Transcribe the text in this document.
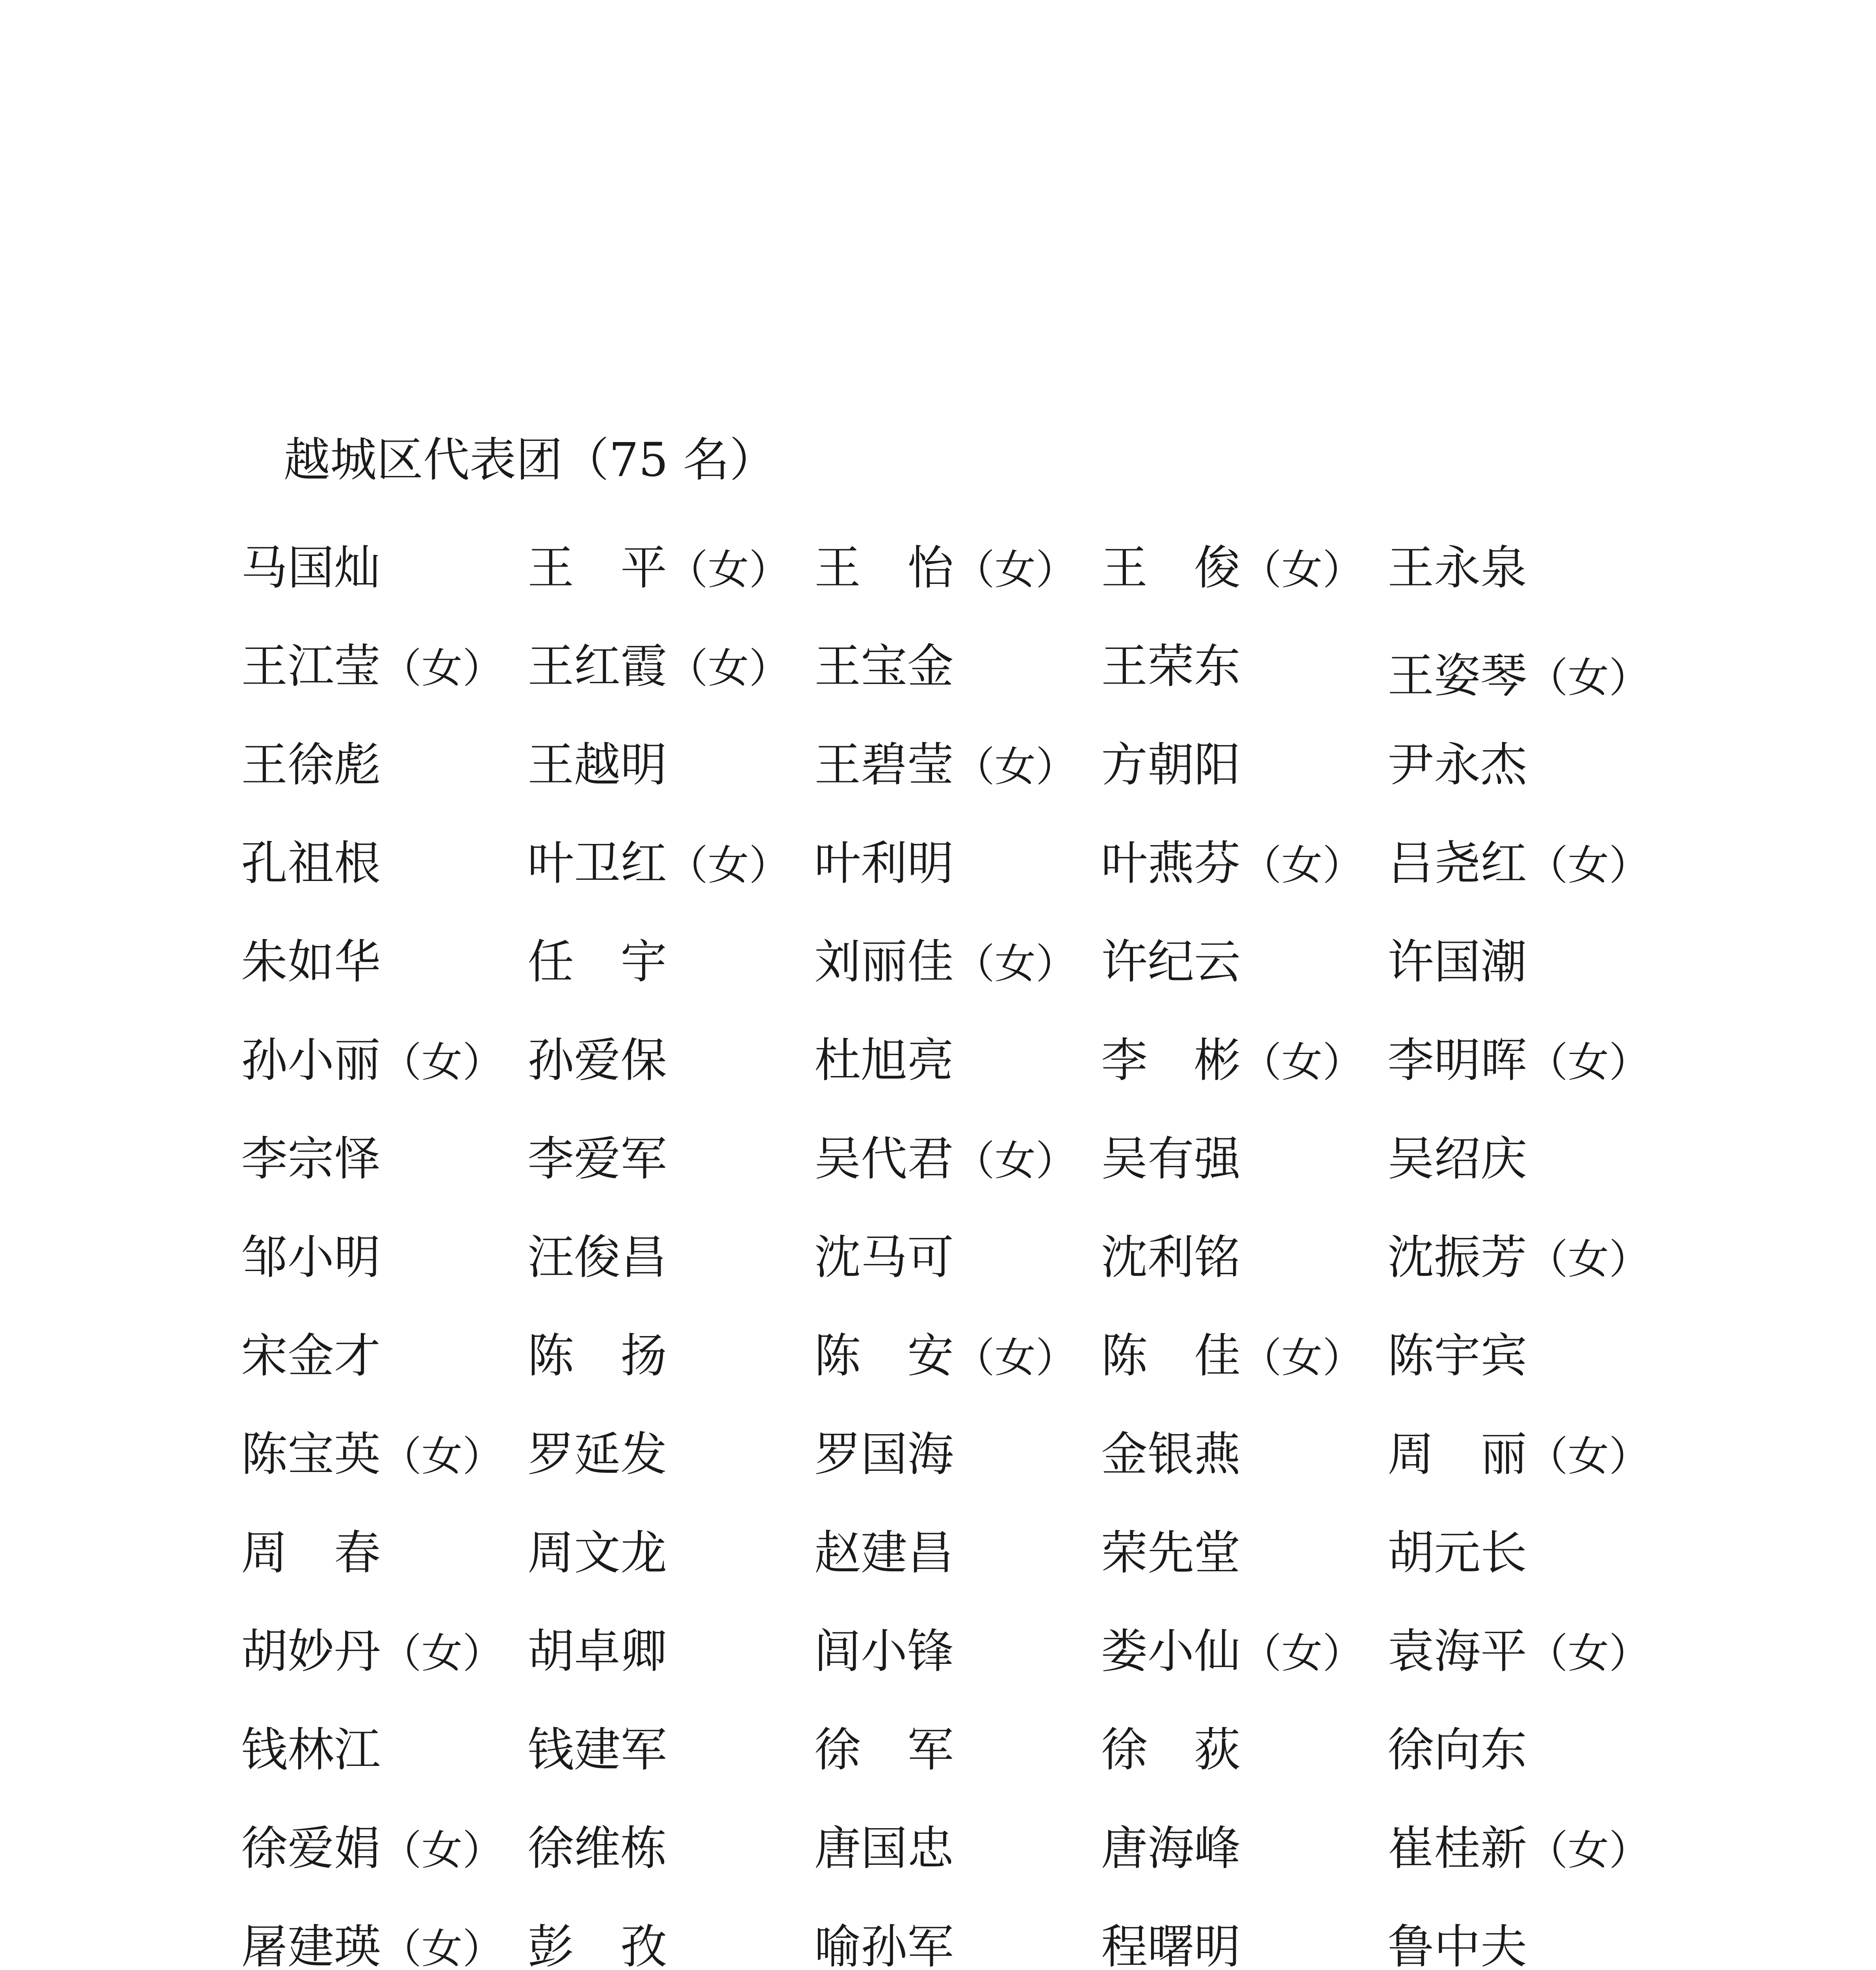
越城区代表团（75 名）
马国灿	王　平 （ 女 ）	王　怡 （ 女 ）	王　俊 （ 女 ）	王永泉
王江莹 （ 女 ）	王红霞 （ 女 ）	王宝金	王荣东	王姿琴 （ 女 ）
王徐彪	王越明	王碧莹 （ 女 ）	方朝阳	尹永杰
孔祖根	叶卫红 （ 女 ）	叶利明	叶燕芬 （ 女 ）	吕尧红 （ 女 ）
朱如华	任　宇	刘丽佳 （ 女 ）	许纪云	许国潮
孙小丽 （ 女 ）	孙爱保	杜旭亮	李　彬 （ 女 ）	李明晖 （ 女 ）
李宗怿	李爱军	吴代君 （ 女 ）	吴有强	吴绍庆
邹小明	汪俊昌	沈马可	沈利铭	沈振芳 （ 女 ）
宋金才	陈　扬	陈　安 （ 女 ）	陈　佳 （ 女 ）	陈宇宾
陈宝英 （ 女 ）	罗延发	罗国海	金银燕	周　丽 （ 女 ）
周　春	周文龙	赵建昌	荣先堂	胡元长
胡妙丹 （ 女 ）	胡卓卿	闾小锋	娄小仙 （ 女 ）	袁海平 （ 女 ）
钱林江	钱建军	徐　军	徐　荻	徐向东
徐爱娟 （ 女 ）	徐维栋	唐国忠	唐海峰	崔桂新 （ 女 ）
屠建瑛 （ 女 ）	彭　孜	喻孙军	程曙明	鲁中夫
